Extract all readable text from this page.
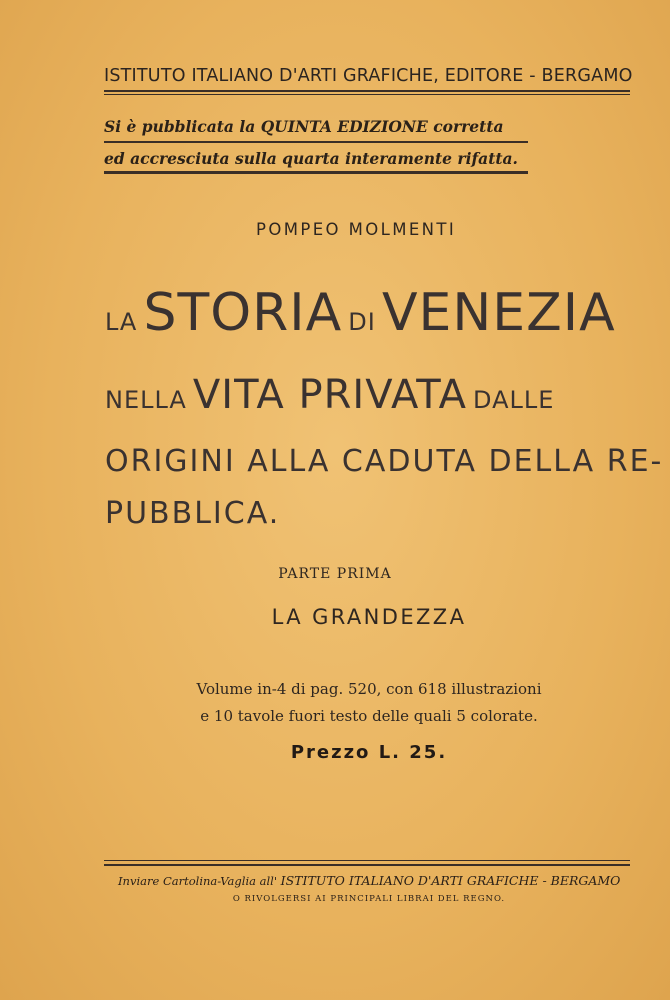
ISTITUTO ITALIANO D'ARTI GRAFICHE, EDITORE - BERGAMO
Si è pubblicata la QUINTA EDIZIONE corretta
ed accresciuta sulla quarta interamente rifatta.
POMPEO MOLMENTI
LA STORIA DI VENEZIA
NELLA VITA PRIVATA DALLE
ORIGINI ALLA CADUTA DELLA RE-
PUBBLICA.
PARTE PRIMA
LA GRANDEZZA
Volume in-4 di pag. 520, con 618 illustrazioni
e 10 tavole fuori testo delle quali 5 colorate.
Prezzo L. 25.
Inviare Cartolina-Vaglia all' ISTITUTO ITALIANO D'ARTI GRAFICHE - BERGAMO
O RIVOLGERSI AI PRINCIPALI LIBRAI DEL REGNO.
